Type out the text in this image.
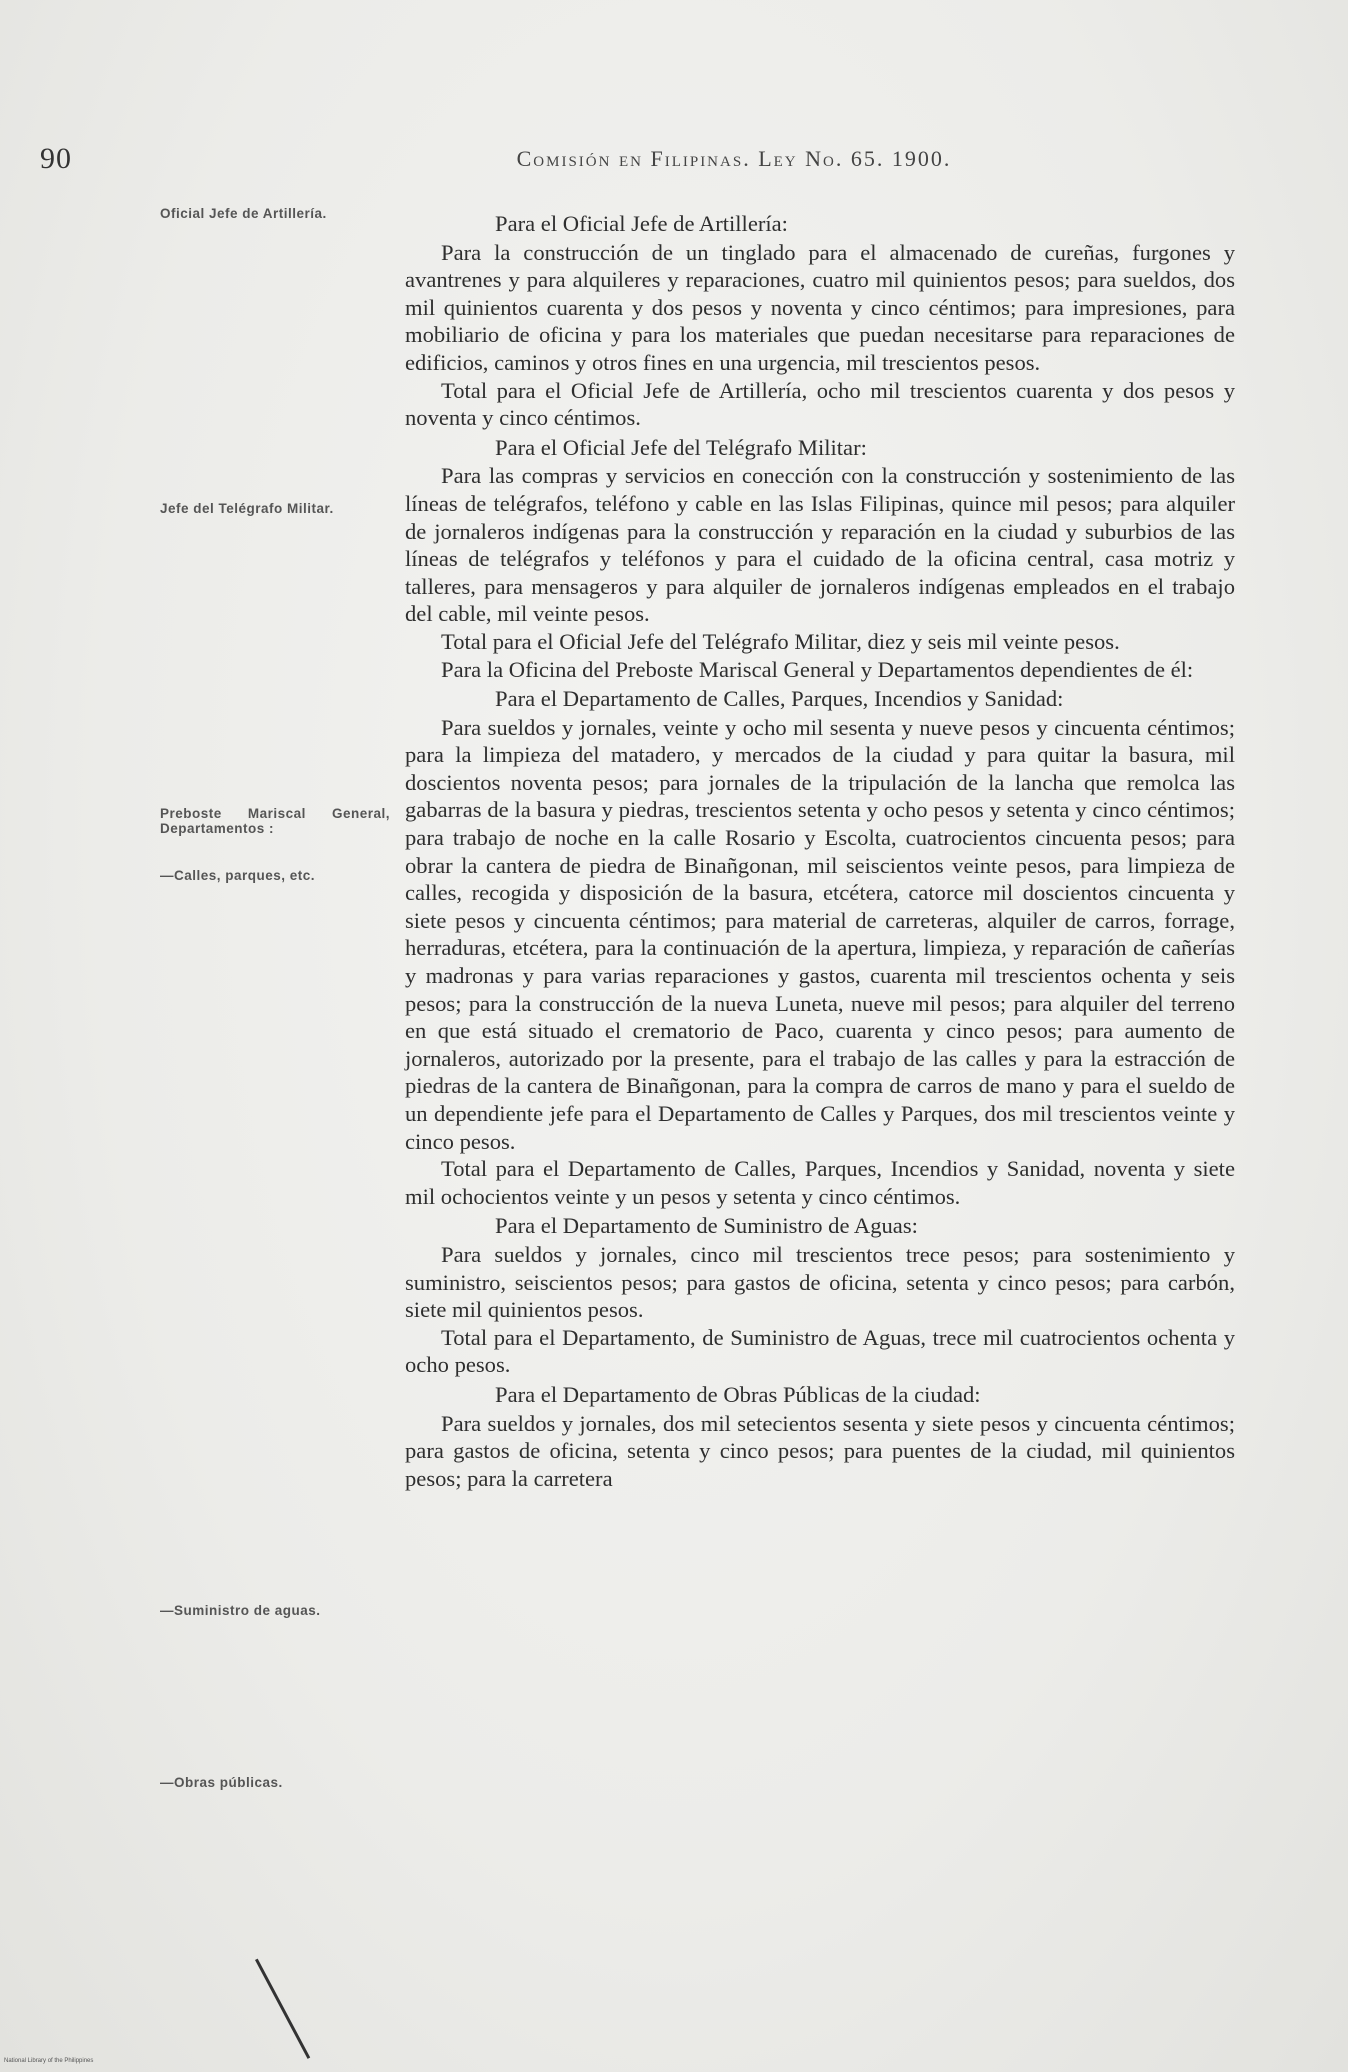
90	Comisión en Filipinas. Ley No. 65. 1900.
Oficial Jefe de Artillería.
Jefe del Telégrafo Militar.
Preboste Mariscal General, Departamentos :
—Calles, parques, etc.
—Suministro de aguas.
—Obras públicas.
Para el Oficial Jefe de Artillería:
Para la construcción de un tinglado para el almacenado de cureñas, furgones y avantrenes y para alquileres y reparaciones, cuatro mil quinientos pesos; para sueldos, dos mil quinientos cuarenta y dos pesos y noventa y cinco céntimos; para impresiones, para mobiliario de oficina y para los materiales que puedan necesitarse para reparaciones de edificios, caminos y otros fines en una urgencia, mil trescientos pesos.
Total para el Oficial Jefe de Artillería, ocho mil trescientos cuarenta y dos pesos y noventa y cinco céntimos.
Para el Oficial Jefe del Telégrafo Militar:
Para las compras y servicios en conección con la construcción y sostenimiento de las líneas de telégrafos, teléfono y cable en las Islas Filipinas, quince mil pesos; para alquiler de jornaleros indígenas para la construcción y reparación en la ciudad y suburbios de las líneas de telégrafos y teléfonos y para el cuidado de la oficina central, casa motriz y talleres, para mensageros y para alquiler de jornaleros indígenas empleados en el trabajo del cable, mil veinte pesos.
Total para el Oficial Jefe del Telégrafo Militar, diez y seis mil veinte pesos.
Para la Oficina del Preboste Mariscal General y Departamentos dependientes de él:
Para el Departamento de Calles, Parques, Incendios y Sanidad:
Para sueldos y jornales, veinte y ocho mil sesenta y nueve pesos y cincuenta céntimos; para la limpieza del matadero, y mercados de la ciudad y para quitar la basura, mil doscientos noventa pesos; para jornales de la tripulación de la lancha que remolca las gabarras de la basura y piedras, trescientos setenta y ocho pesos y setenta y cinco céntimos; para trabajo de noche en la calle Rosario y Escolta, cuatrocientos cincuenta pesos; para obrar la cantera de piedra de Binañgonan, mil seiscientos veinte pesos, para limpieza de calles, recogida y disposición de la basura, etcétera, catorce mil doscientos cincuenta y siete pesos y cincuenta céntimos; para material de carreteras, alquiler de carros, forrage, herraduras, etcétera, para la continuación de la apertura, limpieza, y reparación de cañerías y madronas y para varias reparaciones y gastos, cuarenta mil trescientos ochenta y seis pesos; para la construcción de la nueva Luneta, nueve mil pesos; para alquiler del terreno en que está situado el crematorio de Paco, cuarenta y cinco pesos; para aumento de jornaleros, autorizado por la presente, para el trabajo de las calles y para la estracción de piedras de la cantera de Binañgonan, para la compra de carros de mano y para el sueldo de un dependiente jefe para el Departamento de Calles y Parques, dos mil trescientos veinte y cinco pesos.
Total para el Departamento de Calles, Parques, Incendios y Sanidad, noventa y siete mil ochocientos veinte y un pesos y setenta y cinco céntimos.
Para el Departamento de Suministro de Aguas:
Para sueldos y jornales, cinco mil trescientos trece pesos; para sostenimiento y suministro, seiscientos pesos; para gastos de oficina, setenta y cinco pesos; para carbón, siete mil quinientos pesos.
Total para el Departamento, de Suministro de Aguas, trece mil cuatrocientos ochenta y ocho pesos.
Para el Departamento de Obras Públicas de la ciudad:
Para sueldos y jornales, dos mil setecientos sesenta y siete pesos y cincuenta céntimos; para gastos de oficina, setenta y cinco pesos; para puentes de la ciudad, mil quinientos pesos; para la carretera
National Library of the Philippines
